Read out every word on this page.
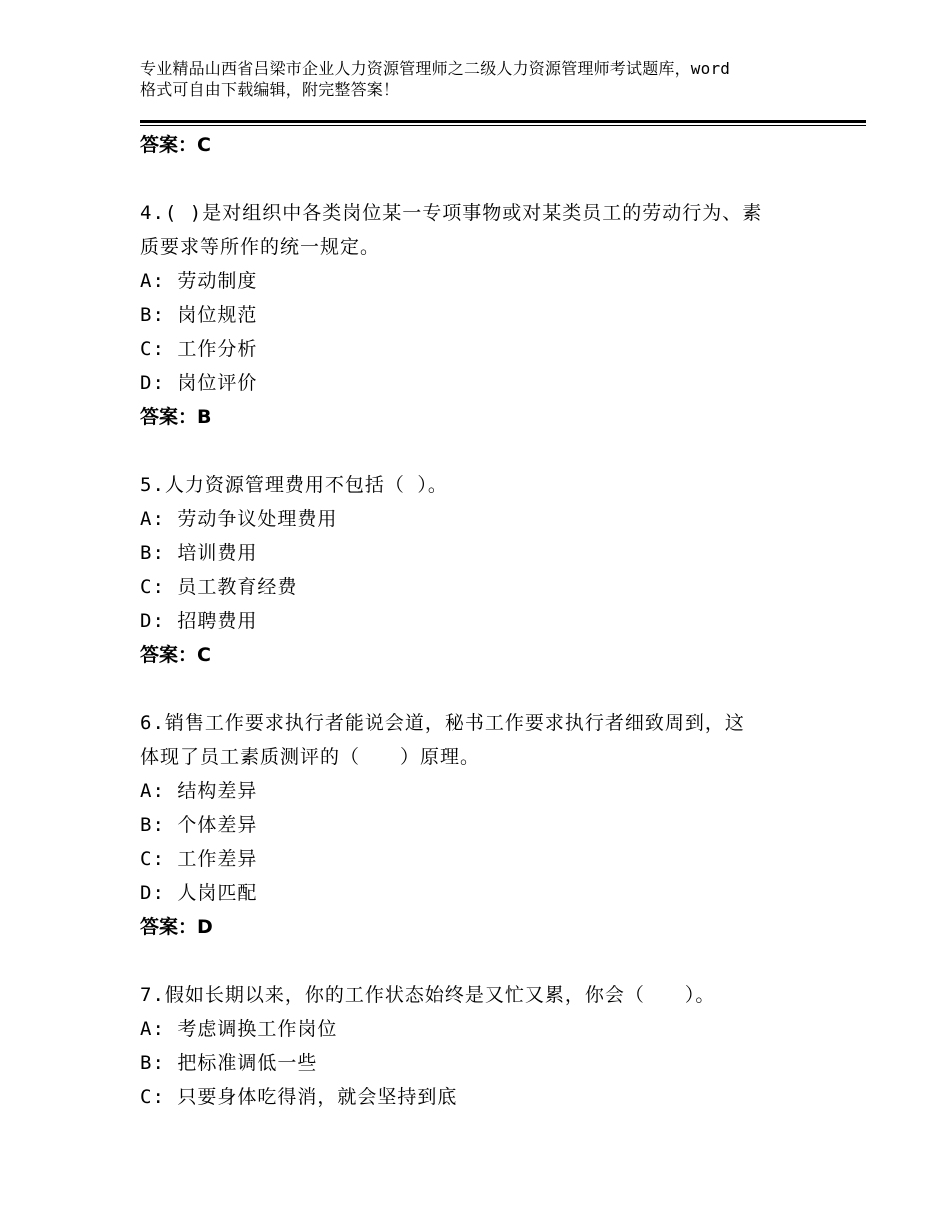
专业精品山西省吕梁市企业人力资源管理师之二级人力资源管理师考试题库，word
格式可自由下载编辑，附完整答案！
答案：C
4.( )是对组织中各类岗位某一专项事物或对某类员工的劳动行为、素
质要求等所作的统一规定。
A: 劳动制度
B: 岗位规范
C: 工作分析
D: 岗位评价
答案：B
5.人力资源管理费用不包括（ ）。
A: 劳动争议处理费用
B: 培训费用
C: 员工教育经费
D: 招聘费用
答案：C
6.销售工作要求执行者能说会道，秘书工作要求执行者细致周到，这
体现了员工素质测评的（　　）原理。
A: 结构差异
B: 个体差异
C: 工作差异
D: 人岗匹配
答案：D
7.假如长期以来，你的工作状态始终是又忙又累，你会（　　）。
A: 考虑调换工作岗位
B: 把标准调低一些
C: 只要身体吃得消，就会坚持到底
